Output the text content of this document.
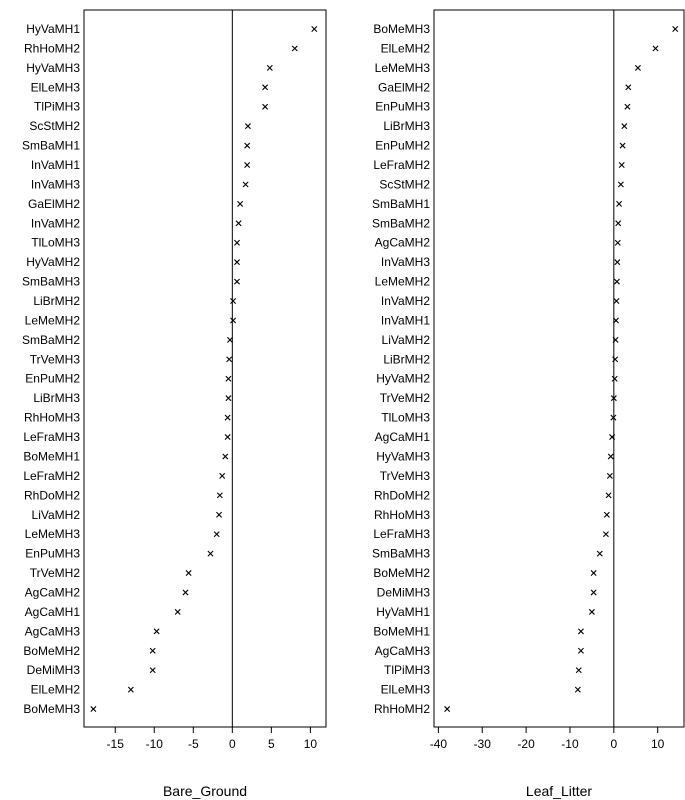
-15 -10 -5	0	5 10
Bare_Ground
HyVaMH1
RhHoMH2
HyVaMH3
ElLeMH3
TlPiMH3
ScStMH2
SmBaMH1
InVaMH1
InVaMH3
GaElMH2
InVaMH2
TlLoMH3
HyVaMH2
SmBaMH3
LiBrMH2
LeMeMH2
SmBaMH2
TrVeMH3
EnPuMH2
LiBrMH3
RhHoMH3
LeFraMH3
BoMeMH1
LeFraMH2
RhDoMH2
LiVaMH2
LeMeMH3
EnPuMH3
TrVeMH2
AgCaMH2
AgCaMH1
AgCaMH3
BoMeMH2
DeMiMH3
ElLeMH2
BoMeMH3
-40 -30 -20 -10	0	10
Leaf_Litter
BoMeMH3
ElLeMH2
LeMeMH3
GaElMH2
EnPuMH3
LiBrMH3
EnPuMH2
LeFraMH2
ScStMH2
SmBaMH1
SmBaMH2
AgCaMH2
InVaMH3
LeMeMH2
InVaMH2
InVaMH1
LiVaMH2
LiBrMH2
HyVaMH2
TrVeMH2
TlLoMH3
AgCaMH1
HyVaMH3
TrVeMH3
RhDoMH2
RhHoMH3
LeFraMH3
SmBaMH3
BoMeMH2
DeMiMH3
HyVaMH1
BoMeMH1
AgCaMH3
TlPiMH3
ElLeMH3
RhHoMH2
